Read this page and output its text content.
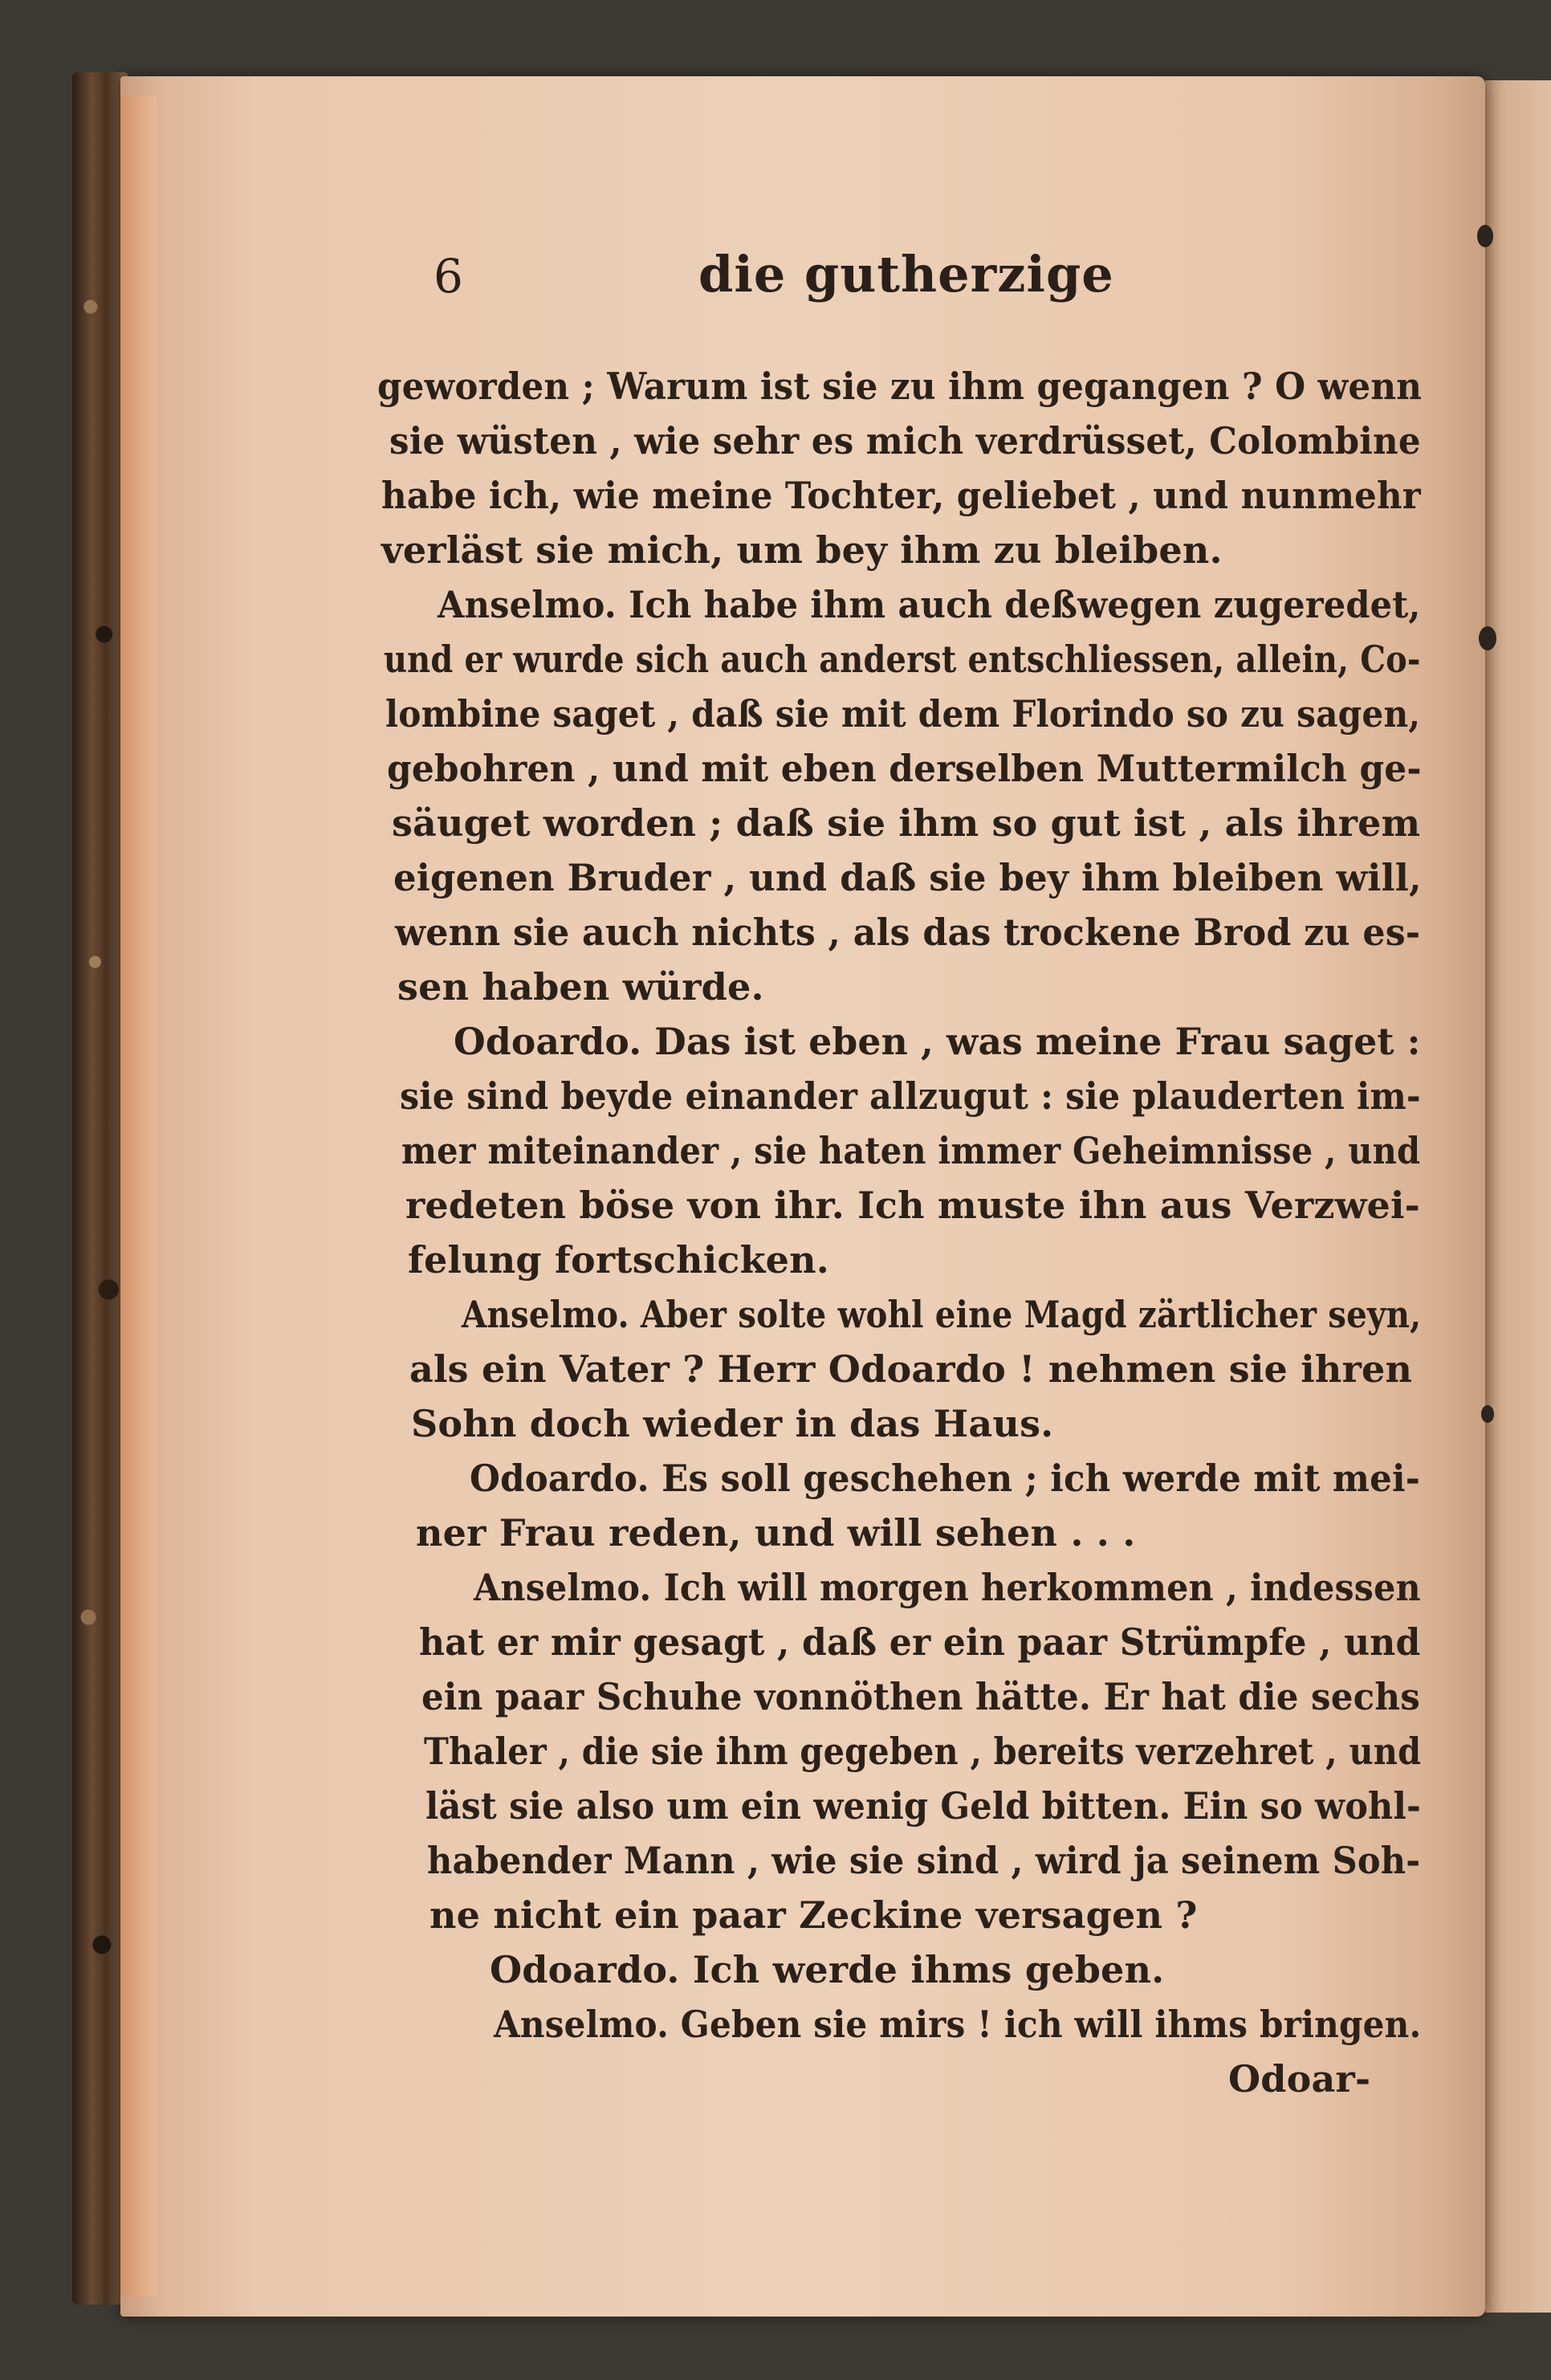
6	die gutherzige
geworden ; Warum ist sie zu ihm gegangen ? O wenn
sie wüsten , wie sehr es mich verdrüsset, Colombine
habe ich, wie meine Tochter, geliebet , und nunmehr
verläst sie mich, um bey ihm zu bleiben.
Anselmo. Ich habe ihm auch deßwegen zugeredet,
und er wurde sich auch anderst entschliessen, allein, Co-
lombine saget , daß sie mit dem Florindo so zu sagen,
gebohren , und mit eben derselben Muttermilch ge-
säuget worden ; daß sie ihm so gut ist , als ihrem
eigenen Bruder , und daß sie bey ihm bleiben will,
wenn sie auch nichts , als das trockene Brod zu es-
sen haben würde.
Odoardo. Das ist eben , was meine Frau saget :
sie sind beyde einander allzugut : sie plauderten im-
mer miteinander , sie haten immer Geheimnisse , und
redeten böse von ihr. Ich muste ihn aus Verzwei-
felung fortschicken.
Anselmo. Aber solte wohl eine Magd zärtlicher seyn,
als ein Vater ? Herr Odoardo ! nehmen sie ihren
Sohn doch wieder in das Haus.
Odoardo. Es soll geschehen ; ich werde mit mei-
ner Frau reden, und will sehen . . .
Anselmo. Ich will morgen herkommen , indessen
hat er mir gesagt , daß er ein paar Strümpfe , und
ein paar Schuhe vonnöthen hätte. Er hat die sechs
Thaler , die sie ihm gegeben , bereits verzehret , und
läst sie also um ein wenig Geld bitten. Ein so wohl-
habender Mann , wie sie sind , wird ja seinem Soh-
ne nicht ein paar Zeckine versagen ?
Odoardo. Ich werde ihms geben.
Anselmo. Geben sie mirs ! ich will ihms bringen.
Odoar-
